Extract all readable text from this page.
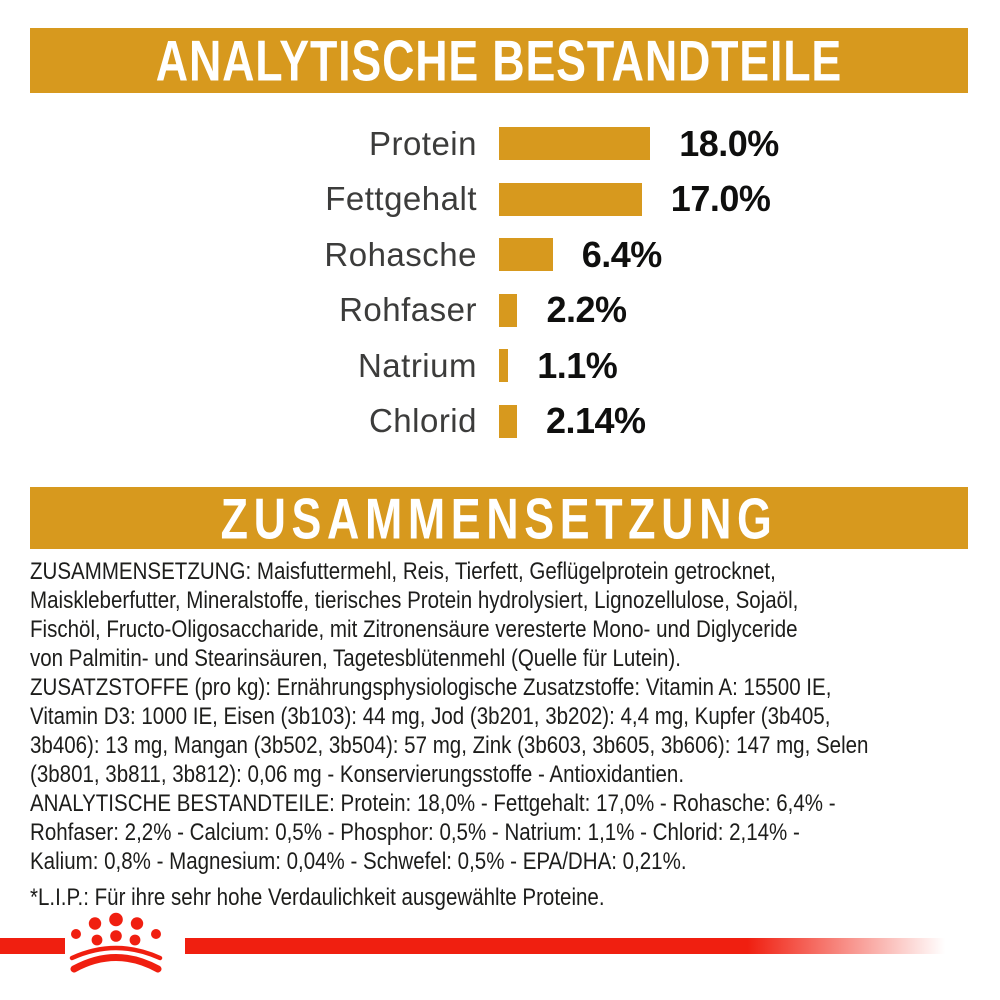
ANALYTISCHE BESTANDTEILE
Protein	18.0%
Fettgehalt	17.0%
Rohasche	6.4%
Rohfaser	2.2%
Natrium	1.1%
Chlorid	2.14%
ZUSAMMENSETZUNG
ZUSAMMENSETZUNG: Maisfuttermehl, Reis, Tierfett, Geflügelprotein getrocknet,
Maiskleberfutter, Mineralstoffe, tierisches Protein hydrolysiert, Lignozellulose, Sojaöl,
Fischöl, Fructo-Oligosaccharide, mit Zitronensäure veresterte Mono- und Diglyceride
von Palmitin- und Stearinsäuren, Tagetesblütenmehl (Quelle für Lutein).
ZUSATZSTOFFE (pro kg): Ernährungsphysiologische Zusatzstoffe: Vitamin A: 15500 IE,
Vitamin D3: 1000 IE, Eisen (3b103): 44 mg, Jod (3b201, 3b202): 4,4 mg, Kupfer (3b405,
3b406): 13 mg, Mangan (3b502, 3b504): 57 mg, Zink (3b603, 3b605, 3b606): 147 mg, Selen
(3b801, 3b811, 3b812): 0,06 mg - Konservierungsstoffe - Antioxidantien.
ANALYTISCHE BESTANDTEILE: Protein: 18,0% - Fettgehalt: 17,0% - Rohasche: 6,4% -
Rohfaser: 2,2% - Calcium: 0,5% - Phosphor: 0,5% - Natrium: 1,1% - Chlorid: 2,14% -
Kalium: 0,8% - Magnesium: 0,04% - Schwefel: 0,5% - EPA/DHA: 0,21%.
*L.I.P.: Für ihre sehr hohe Verdaulichkeit ausgewählte Proteine.
